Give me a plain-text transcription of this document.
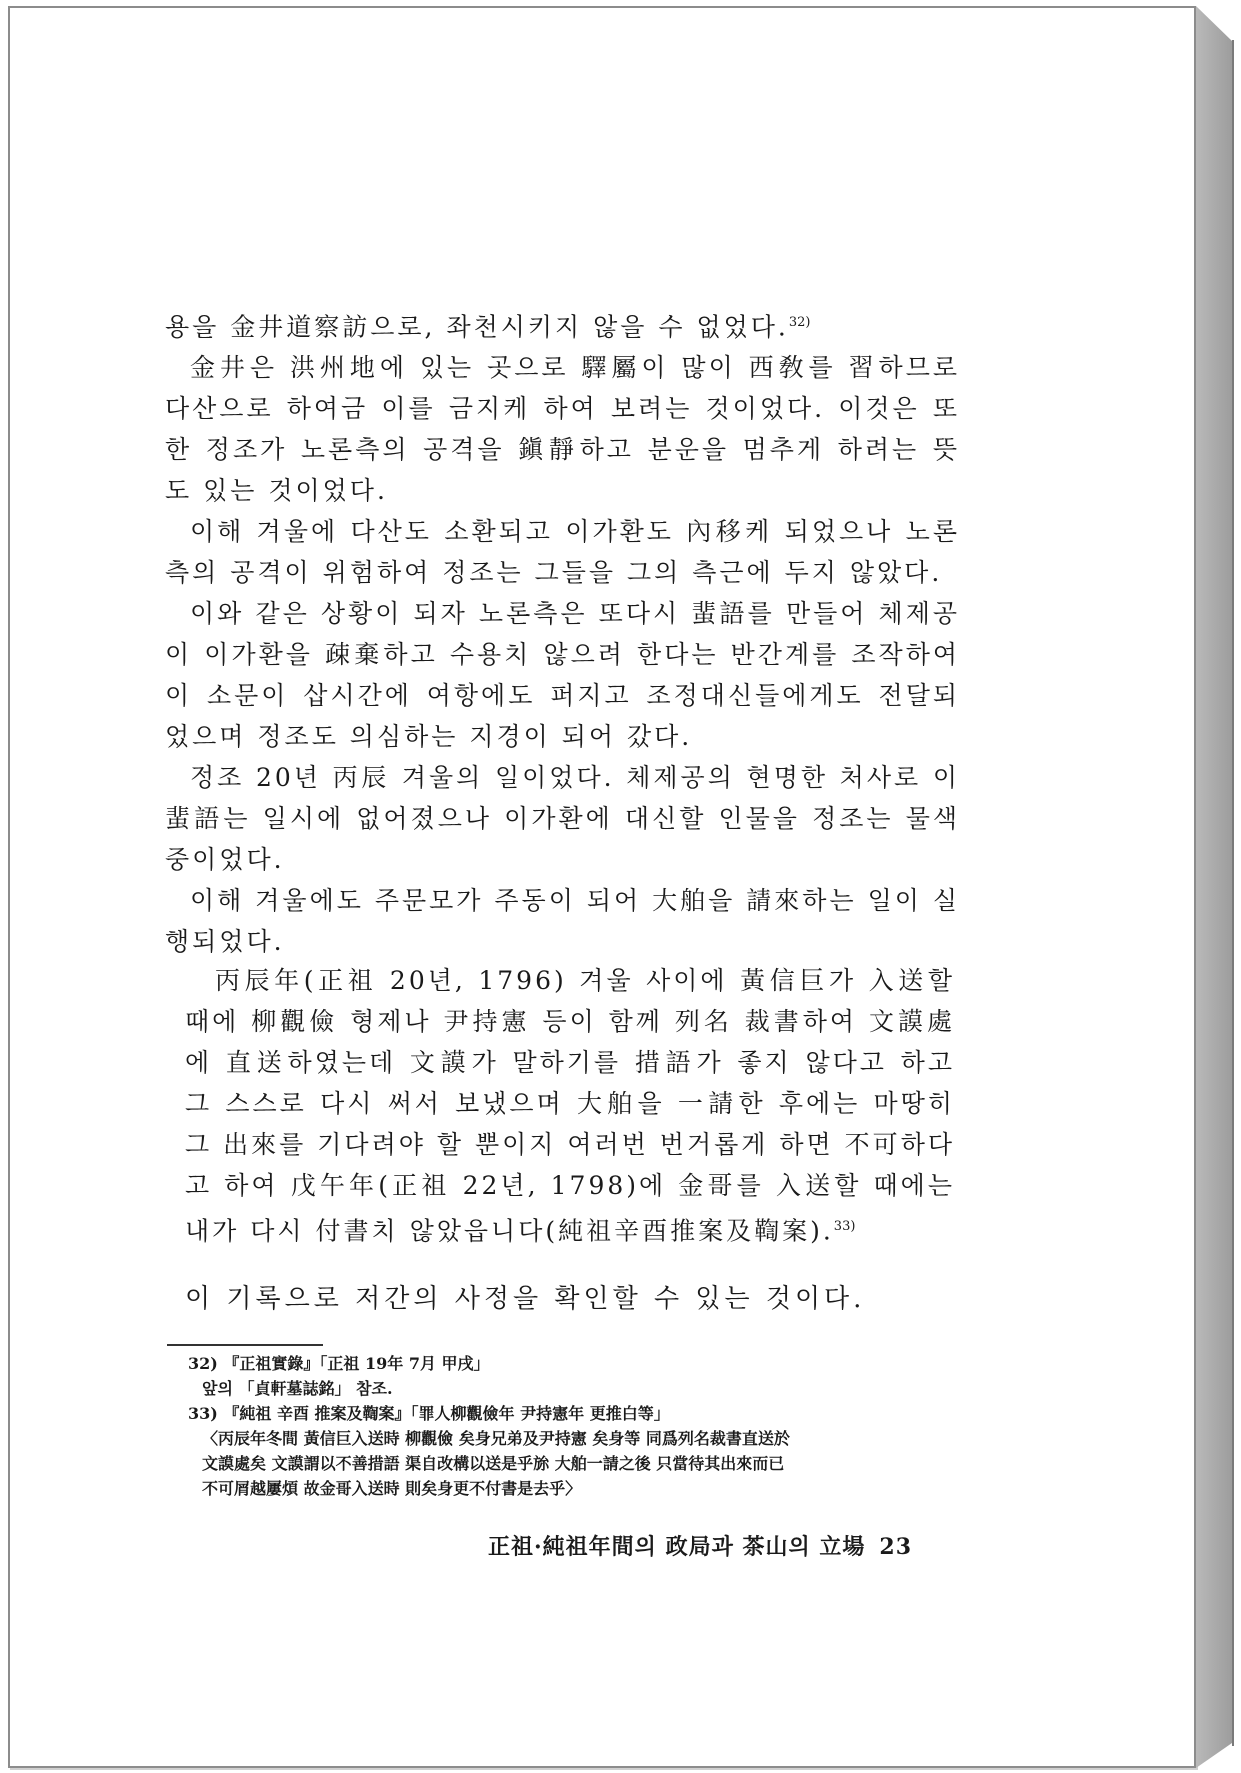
용을 金井道察訪으로, 좌천시키지 않을 수 없었다.$^{32)}$

金井은 洪州地에 있는 곳으로 驛屬이 많이 西敎를 習하므로 다산으로 하여금 이를 금지케 하여 보려는 것이었다. 이것은 또한 정조가 노론측의 공격을 鎭靜하고 분운을 멈추게 하려는 뜻도 있는 것이었다.

이해 겨울에 다산도 소환되고 이가환도 內移케 되었으나 노론측의 공격이 위험하여 정조는 그들을 그의 측근에 두지 않았다.

이와 같은 상황이 되자 노론측은 또다시 蜚語를 만들어 체제공이 이가환을 疎棄하고 수용치 않으려 한다는 반간계를 조작하여 이 소문이 삽시간에 여항에도 퍼지고 조정대신들에게도 전달되었으며 정조도 의심하는 지경이 되어 갔다.

정조 20년 丙辰 겨울의 일이었다. 체제공의 현명한 처사로 이 蜚語는 일시에 없어졌으나 이가환에 대신할 인물을 정조는 물색중이었다.

이해 겨울에도 주문모가 주동이 되어 大舶을 請來하는 일이 실행되었다.

丙辰年(正祖 20년, 1796) 겨울 사이에 黃信巨가 入送할 때에 柳觀儉 형제나 尹持憲 등이 함께 列名 裁書하여 文謨處에 直送하였는데 文謨가 말하기를 措語가 좋지 않다고 하고 그 스스로 다시 써서 보냈으며 大舶을 一請한 후에는 마땅히 그 出來를 기다려야 할 뿐이지 여러번 번거롭게 하면 不可하다고 하여 戊午年(正祖 22년, 1798)에 金哥를 入送할 때에는 내가 다시 付書치 않았읍니다(純祖辛酉推案及鞫案).$^{33)}$

이 기록으로 저간의 사정을 확인할 수 있는 것이다.

32) 『正祖實錄』「正祖 19年 7月 甲戌」

앞의 「貞軒墓誌銘」 참조.

33) 『純祖 辛酉 推案及鞫案』「罪人柳觀儉年 尹持憲年 更推白等」

〈丙辰年冬間 黃信巨入送時 柳觀儉 矣身兄弟及尹持憲 矣身等 同爲列名裁書直送於

文謨處矣 文謨謂以不善措語 渠自改構以送是乎旀 大舶一請之後 只當待其出來而已

不可屑越屢煩 故金哥入送時 則矣身更不付書是去乎〉

正祖·純祖年間의 政局과 茶山의 立場 23
